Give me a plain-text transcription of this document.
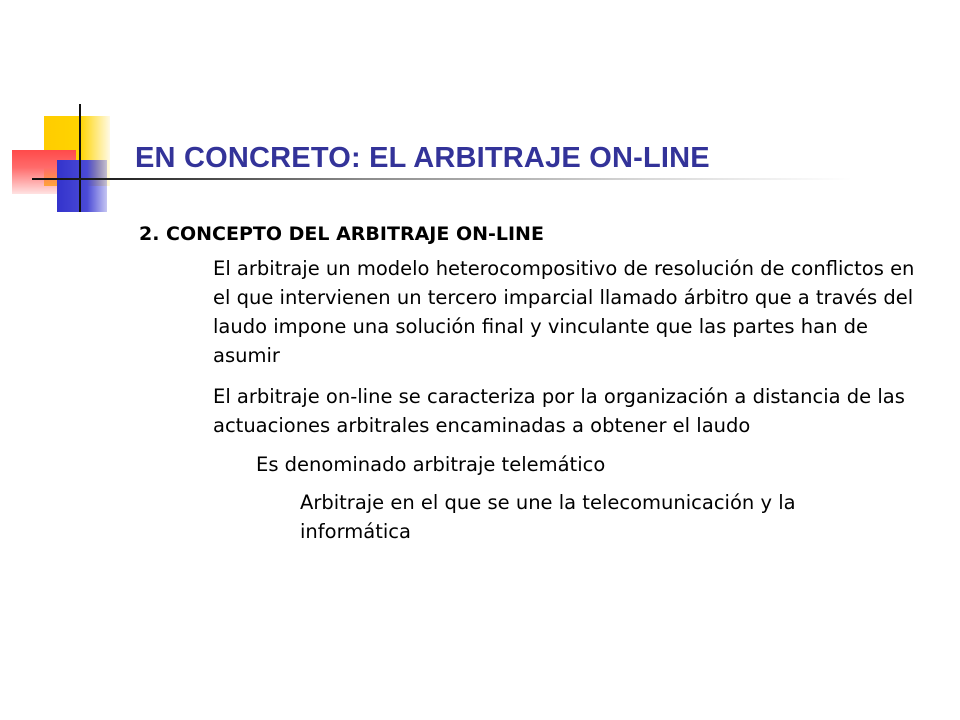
EN CONCRETO: EL ARBITRAJE ON-LINE

2. CONCEPTO DEL ARBITRAJE ON-LINE

El arbitraje un modelo heterocompositivo de resolución de conflictos en el que intervienen un tercero imparcial llamado árbitro que a través del laudo impone una solución final y vinculante que las partes han de asumir

El arbitraje on-line se caracteriza por la organización a distancia de las actuaciones arbitrales encaminadas a obtener el laudo

Es denominado arbitraje telemático

Arbitraje en el que se une la telecomunicación y la informática
